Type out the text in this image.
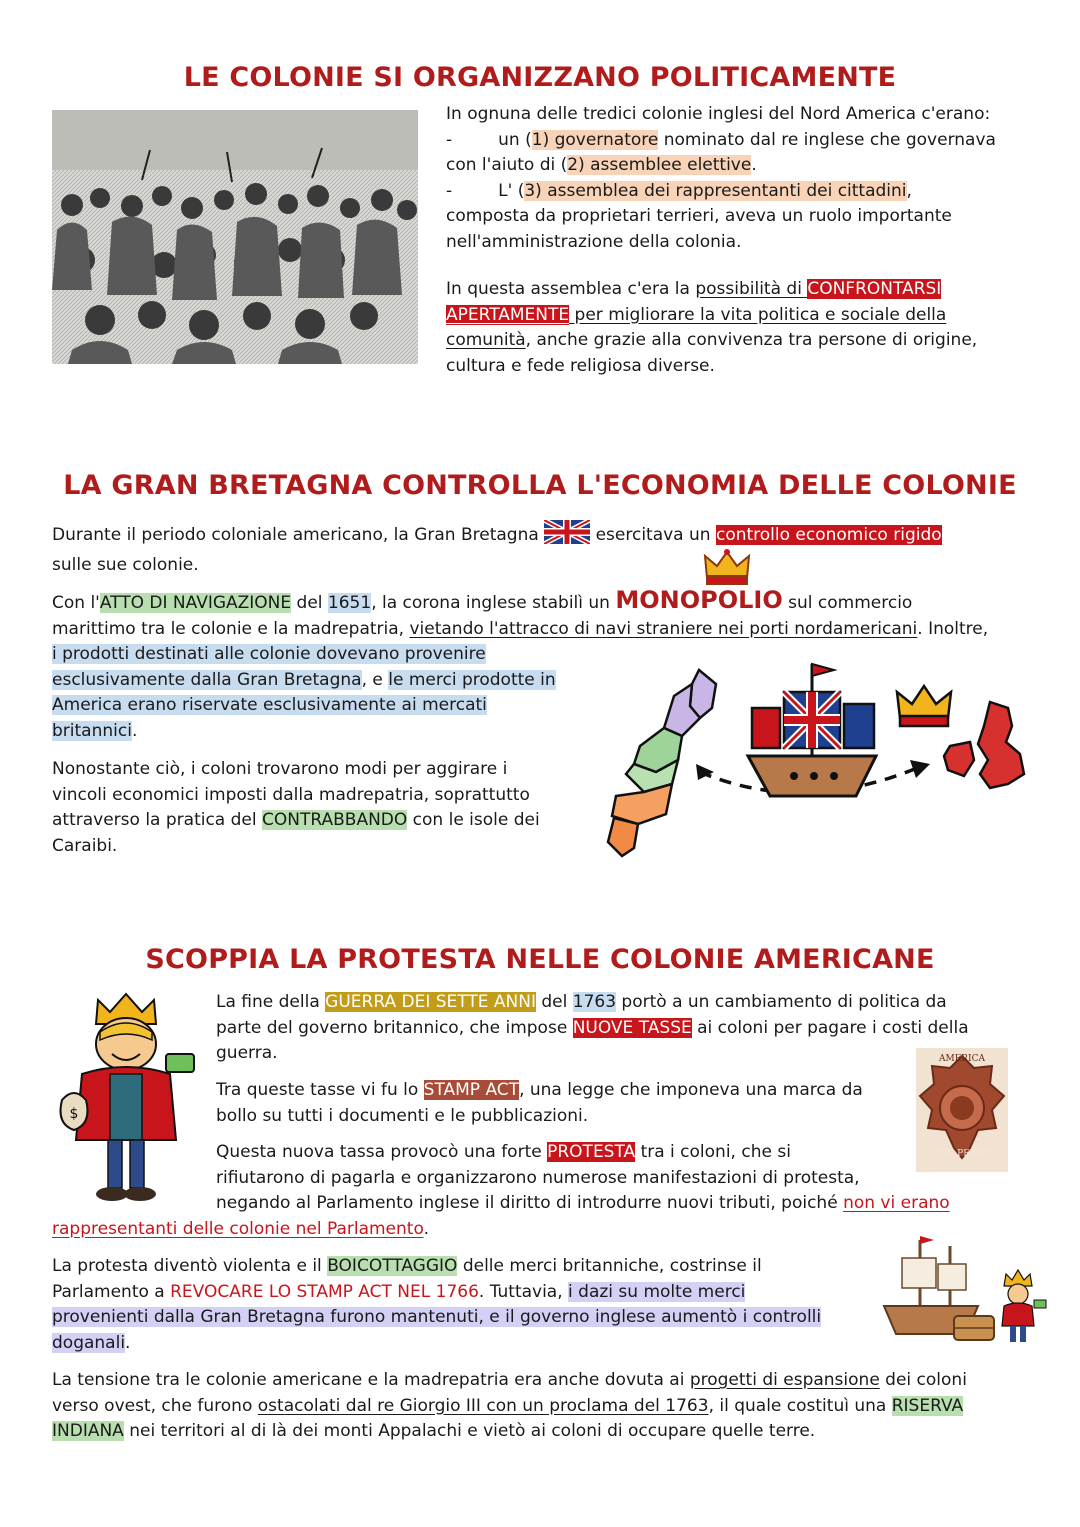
LE COLONIE SI ORGANIZZANO POLITICAMENTE
In ognuna delle tredici colonie inglesi del Nord America c'erano:
-	un (1) governatore nominato dal re inglese che governava
con l'aiuto di (2) assemblee elettive.
-	L' (3) assemblea dei rappresentanti dei cittadini,
composta da proprietari terrieri, aveva un ruolo importante
nell'amministrazione della colonia.
In questa assemblea c'era la possibilità di CONFRONTARSI
APERTAMENTE per migliorare la vita politica e sociale della
comunità, anche grazie alla convivenza tra persone di origine,
cultura e fede religiosa diverse.
LA GRAN BRETAGNA CONTROLLA L'ECONOMIA DELLE COLONIE
Durante il periodo coloniale americano, la Gran Bretagna	esercitava un controllo economico rigido
sulle sue colonie.
Con l'ATTO DI NAVIGAZIONE del 1651, la corona inglese stabilì un MONOPOLIO sul commercio
marittimo tra le colonie e la madrepatria, vietando l'attracco di navi straniere nei porti nordamericani. Inoltre,
i prodotti destinati alle colonie dovevano provenire
esclusivamente dalla Gran Bretagna, e le merci prodotte in
America erano riservate esclusivamente ai mercati
britannici.
Nonostante ciò, i coloni trovarono modi per aggirare i
vincoli economici imposti dalla madrepatria, soprattutto
attraverso la pratica del CONTRABBANDO con le isole dei
Caraibi.
SCOPPIA LA PROTESTA NELLE COLONIE AMERICANE
$
La fine della GUERRA DEI SETTE ANNI del 1763 portò a un cambiamento di politica da
parte del governo britannico, che impose NUOVE TASSE ai coloni per pagare i costi della
guerra.
Tra queste tasse vi fu lo STAMP ACT, una legge che imponeva una marca da
bollo su tutti i documenti e le pubblicazioni.
AMERICA
ONE PENNY
Questa nuova tassa provocò una forte PROTESTA tra i coloni, che si
rifiutarono di pagarla e organizzarono numerose manifestazioni di protesta,
negando al Parlamento inglese il diritto di introdurre nuovi tributi, poiché non vi erano
rappresentanti delle colonie nel Parlamento.
La protesta diventò violenta e il BOICOTTAGGIO delle merci britanniche, costrinse il
Parlamento a REVOCARE LO STAMP ACT NEL 1766. Tuttavia, i dazi su molte merci
provenienti dalla Gran Bretagna furono mantenuti, e il governo inglese aumentò i controlli
doganali.
La tensione tra le colonie americane e la madrepatria era anche dovuta ai progetti di espansione dei coloni
verso ovest, che furono ostacolati dal re Giorgio III con un proclama del 1763, il quale costituì una RISERVA
INDIANA nei territori al di là dei monti Appalachi e vietò ai coloni di occupare quelle terre.
